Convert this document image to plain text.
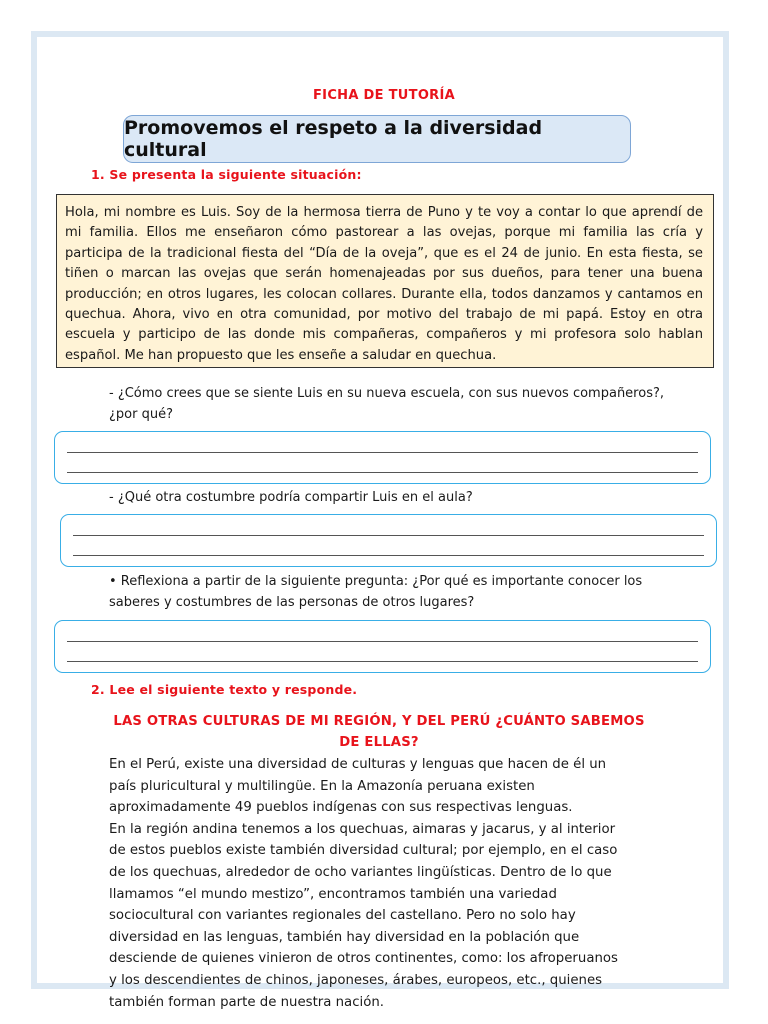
FICHA DE TUTORÍA
Promovemos el respeto a la diversidad cultural
1. Se presenta la siguiente situación:
Hola, mi nombre es Luis. Soy de la hermosa tierra de Puno y te voy a contar lo que aprendí de mi familia. Ellos me enseñaron cómo pastorear a las ovejas, porque mi familia las cría y participa de la tradicional fiesta del “Día de la oveja”, que es el 24 de junio. En esta fiesta, se tiñen o marcan las ovejas que serán homenajeadas por sus dueños, para tener una buena producción; en otros lugares, les colocan collares. Durante ella, todos danzamos y cantamos en quechua. Ahora, vivo en otra comunidad, por motivo del trabajo de mi papá. Estoy en otra escuela y participo de las donde mis compañeras, compañeros y mi profesora solo hablan español. Me han propuesto que les enseñe a saludar en quechua.
- ¿Cómo crees que se siente Luis en su nueva escuela, con sus nuevos compañeros?, ¿por qué?
- ¿Qué otra costumbre podría compartir Luis en el aula?
• Reflexiona a partir de la siguiente pregunta: ¿Por qué es importante conocer los saberes y costumbres de las personas de otros lugares?
2. Lee el siguiente texto y responde.
LAS OTRAS CULTURAS DE MI REGIÓN, Y DEL PERÚ ¿CUÁNTO SABEMOS DE ELLAS?

En el Perú, existe una diversidad de culturas y lenguas que hacen de él un país pluricultural y multilingüe. En la Amazonía peruana existen aproximadamente 49 pueblos indígenas con sus respectivas lenguas.

En la región andina tenemos a los quechuas, aimaras y jacarus, y al interior de estos pueblos existe también diversidad cultural; por ejemplo, en el caso de los quechuas, alrededor de ocho variantes lingüísticas. Dentro de lo que llamamos “el mundo mestizo”, encontramos también una variedad sociocultural con variantes regionales del castellano. Pero no solo hay diversidad en las lenguas, también hay diversidad en la población que desciende de quienes vinieron de otros continentes, como: los afroperuanos y los descendientes de chinos, japoneses, árabes, europeos, etc., quienes también forman parte de nuestra nación.
